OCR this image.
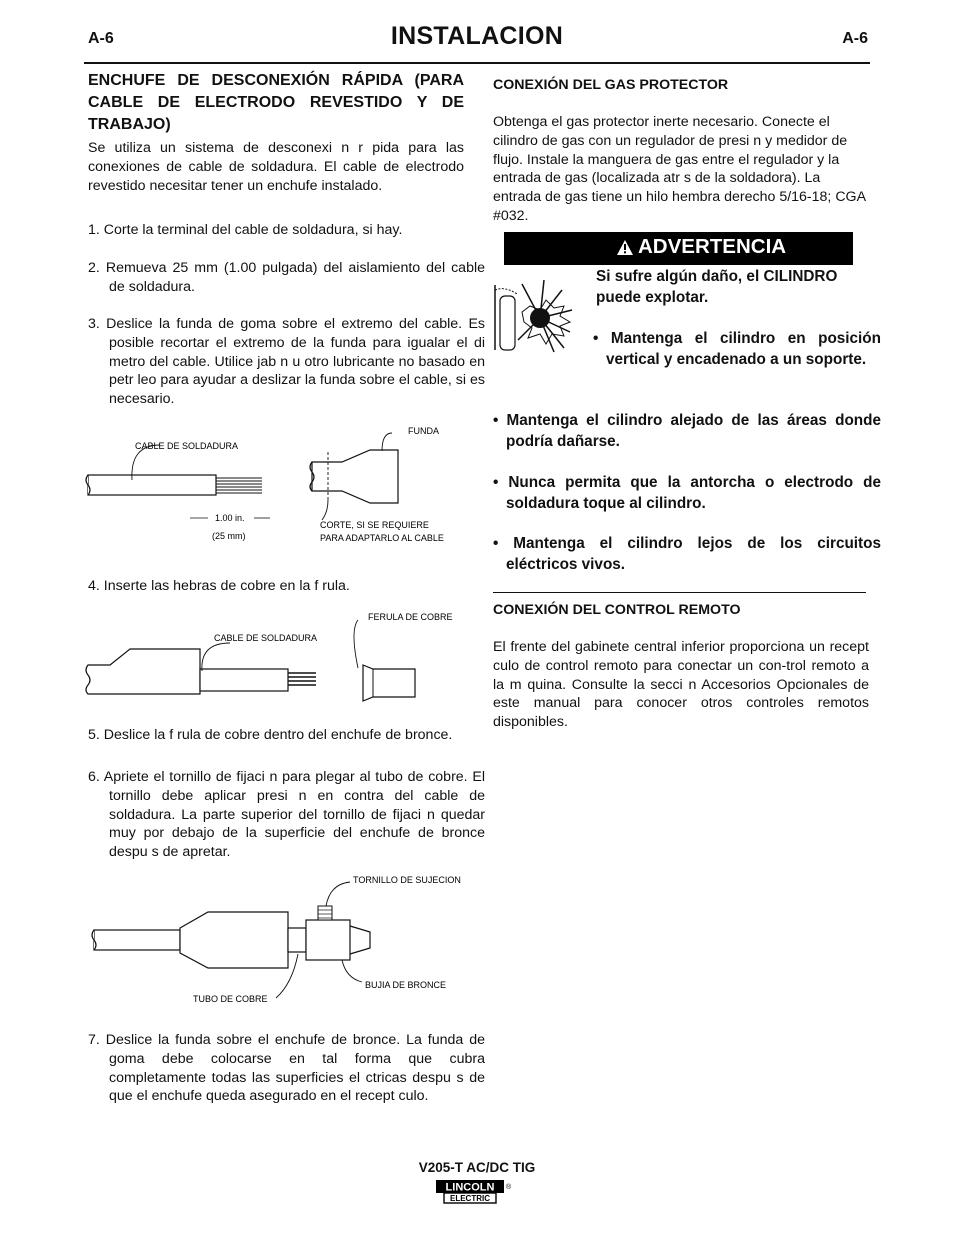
A-6	INSTALACION	A-6
ENCHUFE DE DESCONEXIÓN RÁPIDA (PARA CABLE DE ELECTRODO REVESTIDO Y DE TRABAJO)
Se utiliza un sistema de desconexi n r pida para las conexiones de cable de soldadura. El cable de electrodo revestido necesitar tener un enchufe instalado.
1. Corte la terminal del cable de soldadura, si hay.
2. Remueva 25 mm (1.00 pulgada) del aislamiento del cable de soldadura.
3. Deslice la funda de goma sobre el extremo del cable. Es posible recortar el extremo de la funda para igualar el di metro del cable. Utilice jab n u otro lubricante no basado en petr leo para ayudar a deslizar la funda sobre el cable, si es necesario.
CABLE DE SOLDADURA
1.00 in.
(25 mm)
FUNDA
CORTE, SI SE REQUIERE
PARA ADAPTARLO AL CABLE
4. Inserte las hebras de cobre en la f rula.
CABLE DE SOLDADURA
FERULA DE COBRE
5. Deslice la f rula de cobre dentro del enchufe de bronce.
6. Apriete el tornillo de fijaci n para plegar al tubo de cobre. El tornillo debe aplicar presi n en contra del cable de soldadura. La parte superior del tornillo de fijaci n quedar muy por debajo de la superficie del enchufe de bronce despu s de apretar.
TORNILLO DE SUJECION
BUJIA DE BRONCE
TUBO DE COBRE
7. Deslice la funda sobre el enchufe de bronce. La funda de goma debe colocarse en tal forma que cubra completamente todas las superficies el ctricas despu s de que el enchufe queda asegurado en el recept culo.
CONEXIÓN DEL GAS PROTECTOR
Obtenga el gas protector inerte necesario. Conecte el cilindro de gas con un regulador de presi n y medidor de flujo. Instale la manguera de gas entre el regulador y la entrada de gas (localizada atr s de la soldadora). La entrada de gas tiene un hilo hembra derecho 5/16-18; CGA #032.
ADVERTENCIA
Si sufre algún daño, el CILINDRO puede explotar.
• Mantenga el cilindro en posición vertical y encadenado a un soporte.
• Mantenga el cilindro alejado de las áreas donde podría dañarse.
• Nunca permita que la antorcha o electrodo de soldadura toque al cilindro.
• Mantenga el cilindro lejos de los circuitos eléctricos vivos.
CONEXIÓN DEL CONTROL REMOTO
El frente del gabinete central inferior proporciona un recept culo de control remoto para conectar un con-trol remoto a la m quina. Consulte la secci n Accesorios Opcionales de este manual para conocer otros controles remotos disponibles.
V205-T AC/DC TIG
LINCOLN
ELECTRIC
®
